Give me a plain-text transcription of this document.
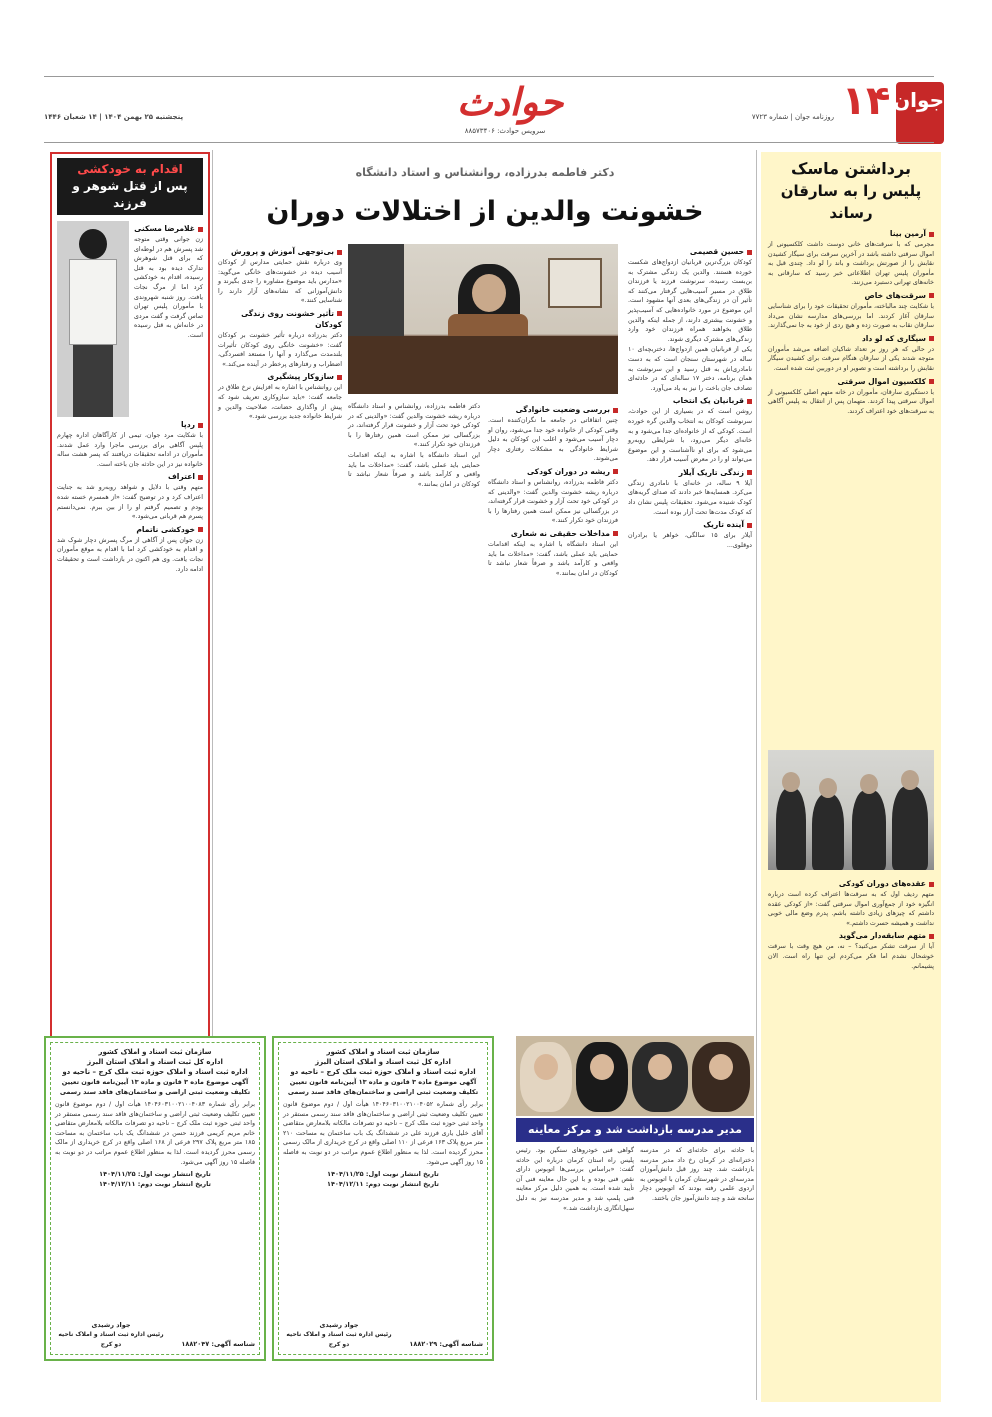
جوان
۱۴
روزنامه جوان | شماره ۷۷۲۳
حوادث
پنجشنبه ۲۵ بهمن ۱۴۰۴ | ۱۴ شعبان ۱۴۴۶
سرویس حوادث: ۸۸۵۷۳۴۰۶
برداشتن ماسک
پلیس را به سارقان رساند
آرمین بینا

مجرمی که با سرقت‌های خانی دوست داشت کلکسیونی از اموال سرقتی داشته باشد در آخرین سرقت برای سیگار کشیدن نقابش را از صورتش برداشت و باند را لو داد. چندی قبل به مأموران پلیس تهران اطلاعاتی خبر رسید که سارقانی به خانه‌های تهرانی دستبرد می‌زنند.

سرقت‌های خاص

با شکایت چند مالباخته، مأموران تحقیقات خود را برای شناسایی سارقان آغاز کردند. اما بررسی‌های مدارسه نشان می‌داد سارقان نقاب به صورت زده و هیچ ردی از خود به جا نمی‌گذارند.

سیگاری که لو داد

در حالی که هر روز بر تعداد شاکیان اضافه می‌شد مأموران متوجه شدند یکی از سارقان هنگام سرقت برای کشیدن سیگار نقابش را برداشته است و تصویر او در دوربین ثبت شده است.

کلکسیون اموال سرقتی

با دستگیری سارقان، مأموران در خانه متهم اصلی کلکسیونی از اموال سرقتی پیدا کردند. متهمان پس از انتقال به پلیس آگاهی به سرقت‌های خود اعتراف کردند.

عقده‌های دوران کودکی

متهم ردیف اول که به سرقت‌ها اعتراف کرده است درباره انگیزه خود از جمع‌آوری اموال سرقتی گفت: «از کودکی عقده داشتم که چیزهای زیادی داشته باشم. پدرم وضع مالی خوبی نداشت و همیشه حسرت داشتم.»

متهم سابقه‌دار می‌گوید

آیا از سرقت تشکر می‌کنید؟ – نه، من هیچ وقت با سرقت خوشحال نشدم اما فکر می‌کردم این تنها راه است. الان پشیمانم.

دکتر فاطمه بدرزاده، روانشناس و استاد دانشگاه
خشونت والدین از اختلالات دوران
حسین قصیمی

کودکان بزرگ‌ترین قربانیان ازدواج‌های شکست خورده هستند. والدین یک زندگی مشترک به بن‌بست رسیده، سرنوشت فرزند یا فرزندان طلاق در مسیر آسیب‌هایی گرفتار می‌کنند که تأثیر آن در زندگی‌های بعدی آنها مشهود است. این موضوع در مورد خانواده‌هایی که آسیب‌پذیر و خشونت بیشتری دارند، از جمله اینکه والدین طلاق بخواهند همراه فرزندان خود وارد زندگی‌های مشترک دیگری شوند.

یکی از قربانیان همین ازدواج‌ها، دختربچه‌ای ۱۰ ساله در شهرستان سنجان است که به دست نامادری‌اش به قتل رسید و این سرنوشت به همان برنامه، دختر ۱۷ ساله‌ای که در حادثه‌ای تصادف جان باخت را نیز به یاد می‌آورد.

قربانیان یک انتخاب

روشن است که در بسیاری از این حوادث، سرنوشت کودکان به انتخاب والدین گره خورده است. کودکی که از خانواده‌ای جدا می‌شود و به خانه‌ای دیگر می‌رود، با شرایطی روبه‌رو می‌شود که برای او ناآشناست و این موضوع می‌تواند او را در معرض آسیب قرار دهد.

زندگی تاریک آیلار

آیلا ۹ ساله، در خانه‌ای با نامادری زندگی می‌کرد. همسایه‌ها خبر دادند که صدای گریه‌های کودک شنیده می‌شود. تحقیقات پلیس نشان داد که کودک مدت‌ها تحت آزار بوده است.

آینده تاریک

آیلار برای ۱۵ سالگی، خواهر یا برادران دوقلوی...

بررسی وضعیت خانوادگی

چنین اتفاقاتی در جامعه ما نگران‌کننده است. وقتی کودکی از خانواده خود جدا می‌شود، روان او دچار آسیب می‌شود و اغلب این کودکان به دلیل شرایط خانوادگی به مشکلات رفتاری دچار می‌شوند.

ریشه در دوران کودکی

دکتر فاطمه بدرزاده، روانشناس و استاد دانشگاه درباره ریشه خشونت والدین گفت: «والدینی که در کودکی خود تحت آزار و خشونت قرار گرفته‌اند، در بزرگسالی نیز ممکن است همین رفتارها را با فرزندان خود تکرار کنند.»

مداخلات حقیقی نه شعاری

این استاد دانشگاه با اشاره به اینکه اقدامات حمایتی باید عملی باشد، گفت: «مداخلات ما باید واقعی و کارآمد باشد و صرفاً شعار نباشد تا کودکان در امان بمانند.»

دکتر فاطمه بدرزاده، روانشناس و استاد دانشگاه درباره ریشه خشونت والدین گفت: «والدینی که در کودکی خود تحت آزار و خشونت قرار گرفته‌اند، در بزرگسالی نیز ممکن است همین رفتارها را با فرزندان خود تکرار کنند.»

این استاد دانشگاه با اشاره به اینکه اقدامات حمایتی باید عملی باشد، گفت: «مداخلات ما باید واقعی و کارآمد باشد و صرفاً شعار نباشد تا کودکان در امان بمانند.»

بی‌توجهی آموزش و پرورش

وی درباره نقش حمایتی مدارس از کودکان آسیب دیده در خشونت‌های خانگی می‌گوید: «مدارس باید موضوع مشاوره را جدی بگیرند و دانش‌آموزانی که نشانه‌های آزار دارند را شناسایی کنند.»

تأثیر خشونت روی زندگی کودکان

دکتر بدرزاده درباره تأثیر خشونت بر کودکان گفت: «خشونت خانگی روی کودکان تأثیرات بلندمدت می‌گذارد و آنها را مستعد افسردگی، اضطراب و رفتارهای پرخطر در آینده می‌کند.»

سازوکار پیشگیری

این روانشناس با اشاره به افزایش نرخ طلاق در جامعه گفت: «باید سازوکاری تعریف شود که پیش از واگذاری حضانت، صلاحیت والدین و شرایط خانواده جدید بررسی شود.»

اقدام به خودکشی
پس از قتل شوهر و فرزند
غلامرضا مسکنی

زن جوانی وقتی متوجه شد پسرش هم در لوطه‌ای که برای قتل شوهرش تدارک دیده بود به قتل رسیده، اقدام به خودکشی کرد اما از مرگ نجات یافت. روز شنبه شهروندی با مأموران پلیس تهران تماس گرفت و گفت مردی در خانه‌اش به قتل رسیده است.

ردپا

با شکایت مرد جوان، تیمی از کارآگاهان اداره چهارم پلیس آگاهی برای بررسی ماجرا وارد عمل شدند. مأموران در ادامه تحقیقات دریافتند که پسر هشت ساله خانواده نیز در این حادثه جان باخته است.

اعتراف

متهم وقتی با دلایل و شواهد روبه‌رو شد به جنایت اعتراف کرد و در توضیح گفت: «از همسرم خسته شده بودم و تصمیم گرفتم او را از بین ببرم. نمی‌دانستم پسرم هم قربانی می‌شود.»

خودکشی ناتمام

زن جوان پس از آگاهی از مرگ پسرش دچار شوک شد و اقدام به خودکشی کرد اما با اقدام به موقع مأموران نجات یافت. وی هم اکنون در بازداشت است و تحقیقات ادامه دارد.

مدیر مدرسه بازداشت شد و مرکز معاینه فنی پلمپ

با حادثه برای حادثه‌ای که در مدرسه دخترانه‌ای در کرمان رخ داد مدیر مدرسه بازداشت شد. چند روز قبل دانش‌آموزان مدرسه‌ای در شهرستان کرمان با اتوبوس به اردوی علمی رفته بودند که اتوبوس دچار سانحه شد و چند دانش‌آموز جان باختند.

گواهی‌ فنی خودروهای سنگین بود. رئیس پلیس راه استان کرمان درباره این حادثه گفت: «براساس بررسی‌ها اتوبوس دارای نقص فنی بوده و با این حال معاینه فنی آن تأیید شده است. به همین دلیل مرکز معاینه فنی پلمپ شد و مدیر مدرسه نیز به دلیل سهل‌انگاری بازداشت شد.»

سازمان ثبت اسناد و املاک کشور
اداره کل ثبت اسناد و املاک استان البرز
اداره ثبت اسناد و املاک حوزه ثبت ملک کرج – ناحیه دو
آگهی موضوع ماده ۳ قانون و ماده ۱۳ آیین‌نامه قانون تعیین تکلیف وضعیت ثبتی اراضی و ساختمان‌های فاقد سند رسمی

برابر رأی شماره ۱۴۰۴۶۰۳۱۰۰۲۱۰۰۴۰۵۲ هیأت اول / دوم موضوع قانون تعیین تکلیف وضعیت ثبتی اراضی و ساختمان‌های فاقد سند رسمی مستقر در واحد ثبتی حوزه ثبت ملک کرج – ناحیه دو تصرفات مالکانه بلامعارض متقاضی آقای خلیل یاری فرزند علی در ششدانگ یک باب ساختمان به مساحت ۲۱۰ متر مربع پلاک ۱۶۳ فرعی از ۱۱۰ اصلی واقع در کرج خریداری از مالک رسمی محرز گردیده است. لذا به منظور اطلاع عموم مراتب در دو نوبت به فاصله ۱۵ روز آگهی می‌شود.

تاریخ انتشار نوبت اول: ۱۴۰۴/۱۱/۲۵
تاریخ انتشار نوبت دوم: ۱۴۰۴/۱۲/۱۱
جواد رشیدی
رئیس اداره ثبت اسناد و املاک ناحیه دو کرج	شناسه آگهی: ۱۸۸۲۰۲۹
سازمان ثبت اسناد و املاک کشور
اداره کل ثبت اسناد و املاک استان البرز
اداره ثبت اسناد و املاک حوزه ثبت ملک کرج – ناحیه دو
آگهی موضوع ماده ۳ قانون و ماده ۱۳ آیین‌نامه قانون تعیین تکلیف وضعیت ثبتی اراضی و ساختمان‌های فاقد سند رسمی

برابر رأی شماره ۱۴۰۴۶۰۳۱۰۰۲۱۰۰۴۰۸۳ هیأت اول / دوم موضوع قانون تعیین تکلیف وضعیت ثبتی اراضی و ساختمان‌های فاقد سند رسمی مستقر در واحد ثبتی حوزه ثبت ملک کرج – ناحیه دو تصرفات مالکانه بلامعارض متقاضی خانم مریم کریمی فرزند حسن در ششدانگ یک باب ساختمان به مساحت ۱۸۵ متر مربع پلاک ۲۹۷ فرعی از ۱۶۸ اصلی واقع در کرج خریداری از مالک رسمی محرز گردیده است. لذا به منظور اطلاع عموم مراتب در دو نوبت به فاصله ۱۵ روز آگهی می‌شود.

تاریخ انتشار نوبت اول: ۱۴۰۴/۱۱/۲۵
تاریخ انتشار نوبت دوم: ۱۴۰۴/۱۲/۱۱
جواد رشیدی
رئیس اداره ثبت اسناد و املاک ناحیه دو کرج	شناسه آگهی: ۱۸۸۲۰۴۷
